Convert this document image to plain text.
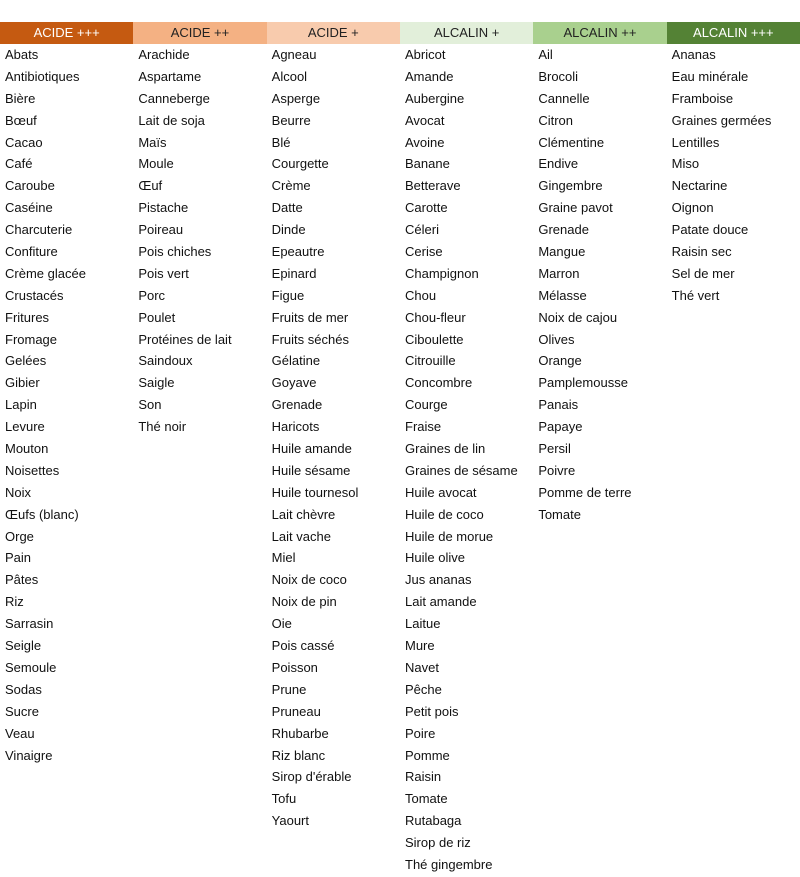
ACIDE +++
Abats
Antibiotiques
Bière
Bœuf
Cacao
Café
Caroube
Caséine
Charcuterie
Confiture
Crème glacée
Crustacés
Fritures
Fromage
Gelées
Gibier
Lapin
Levure
Mouton
Noisettes
Noix
Œufs (blanc)
Orge
Pain
Pâtes
Riz
Sarrasin
Seigle
Semoule
Sodas
Sucre
Veau
Vinaigre
ACIDE ++
Arachide
Aspartame
Canneberge
Lait de soja
Maïs
Moule
Œuf
Pistache
Poireau
Pois chiches
Pois vert
Porc
Poulet
Protéines de lait
Saindoux
Saigle
Son
Thé noir
ACIDE +
Agneau
Alcool
Asperge
Beurre
Blé
Courgette
Crème
Datte
Dinde
Epeautre
Epinard
Figue
Fruits de mer
Fruits séchés
Gélatine
Goyave
Grenade
Haricots
Huile amande
Huile sésame
Huile tournesol
Lait chèvre
Lait vache
Miel
Noix de coco
Noix de pin
Oie
Pois cassé
Poisson
Prune
Pruneau
Rhubarbe
Riz blanc
Sirop d'érable
Tofu
Yaourt
ALCALIN +
Abricot
Amande
Aubergine
Avocat
Avoine
Banane
Betterave
Carotte
Céleri
Cerise
Champignon
Chou
Chou-fleur
Ciboulette
Citrouille
Concombre
Courge
Fraise
Graines de lin
Graines de sésame
Huile avocat
Huile de coco
Huile de morue
Huile olive
Jus ananas
Lait amande
Laitue
Mure
Navet
Pêche
Petit pois
Poire
Pomme
Raisin
Tomate
Rutabaga
Sirop de riz
Thé gingembre
ALCALIN ++
Ail
Brocoli
Cannelle
Citron
Clémentine
Endive
Gingembre
Graine pavot
Grenade
Mangue
Marron
Mélasse
Noix de cajou
Olives
Orange
Pamplemousse
Panais
Papaye
Persil
Poivre
Pomme de terre
Tomate
ALCALIN +++
Ananas
Eau minérale
Framboise
Graines germées
Lentilles
Miso
Nectarine
Oignon
Patate douce
Raisin sec
Sel de mer
Thé vert
